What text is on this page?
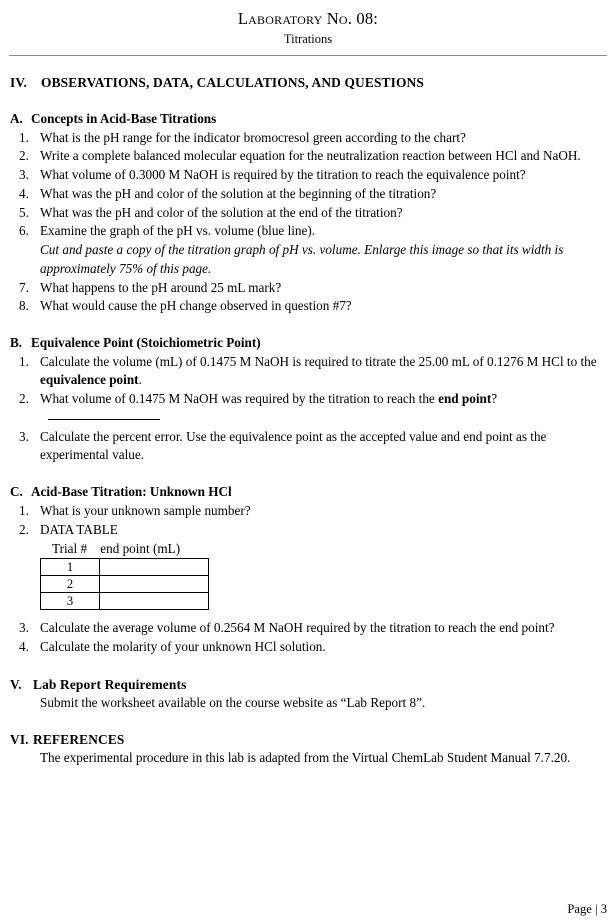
Laboratory No. 08:
Titrations
IV. OBSERVATIONS, DATA, CALCULATIONS, AND QUESTIONS
A. Concepts in Acid-Base Titrations
1. What is the pH range for the indicator bromocresol green according to the chart?
2. Write a complete balanced molecular equation for the neutralization reaction between HCl and NaOH.
3. What volume of 0.3000 M NaOH is required by the titration to reach the equivalence point?
4. What was the pH and color of the solution at the beginning of the titration?
5. What was the pH and color of the solution at the end of the titration?
6. Examine the graph of the pH vs. volume (blue line).
Cut and paste a copy of the titration graph of pH vs. volume. Enlarge this image so that its width is approximately 75% of this page.
7. What happens to the pH around 25 mL mark?
8. What would cause the pH change observed in question #7?
B. Equivalence Point (Stoichiometric Point)
1. Calculate the volume (mL) of 0.1475 M NaOH is required to titrate the 25.00 mL of 0.1276 M HCl to the equivalence point.
2. What volume of 0.1475 M NaOH was required by the titration to reach the end point?
3. Calculate the percent error. Use the equivalence point as the accepted value and end point as the experimental value.
C. Acid-Base Titration: Unknown HCl
1. What is your unknown sample number?
2. DATA TABLE
Trial #    end point (mL)
1	
2	
3	
3. Calculate the average volume of 0.2564 M NaOH required by the titration to reach the end point?
4. Calculate the molarity of your unknown HCl solution.
V. Lab Report Requirements
Submit the worksheet available on the course website as “Lab Report 8”.
VI. REFERENCES
The experimental procedure in this lab is adapted from the Virtual ChemLab Student Manual 7.7.20.
Page | 3
